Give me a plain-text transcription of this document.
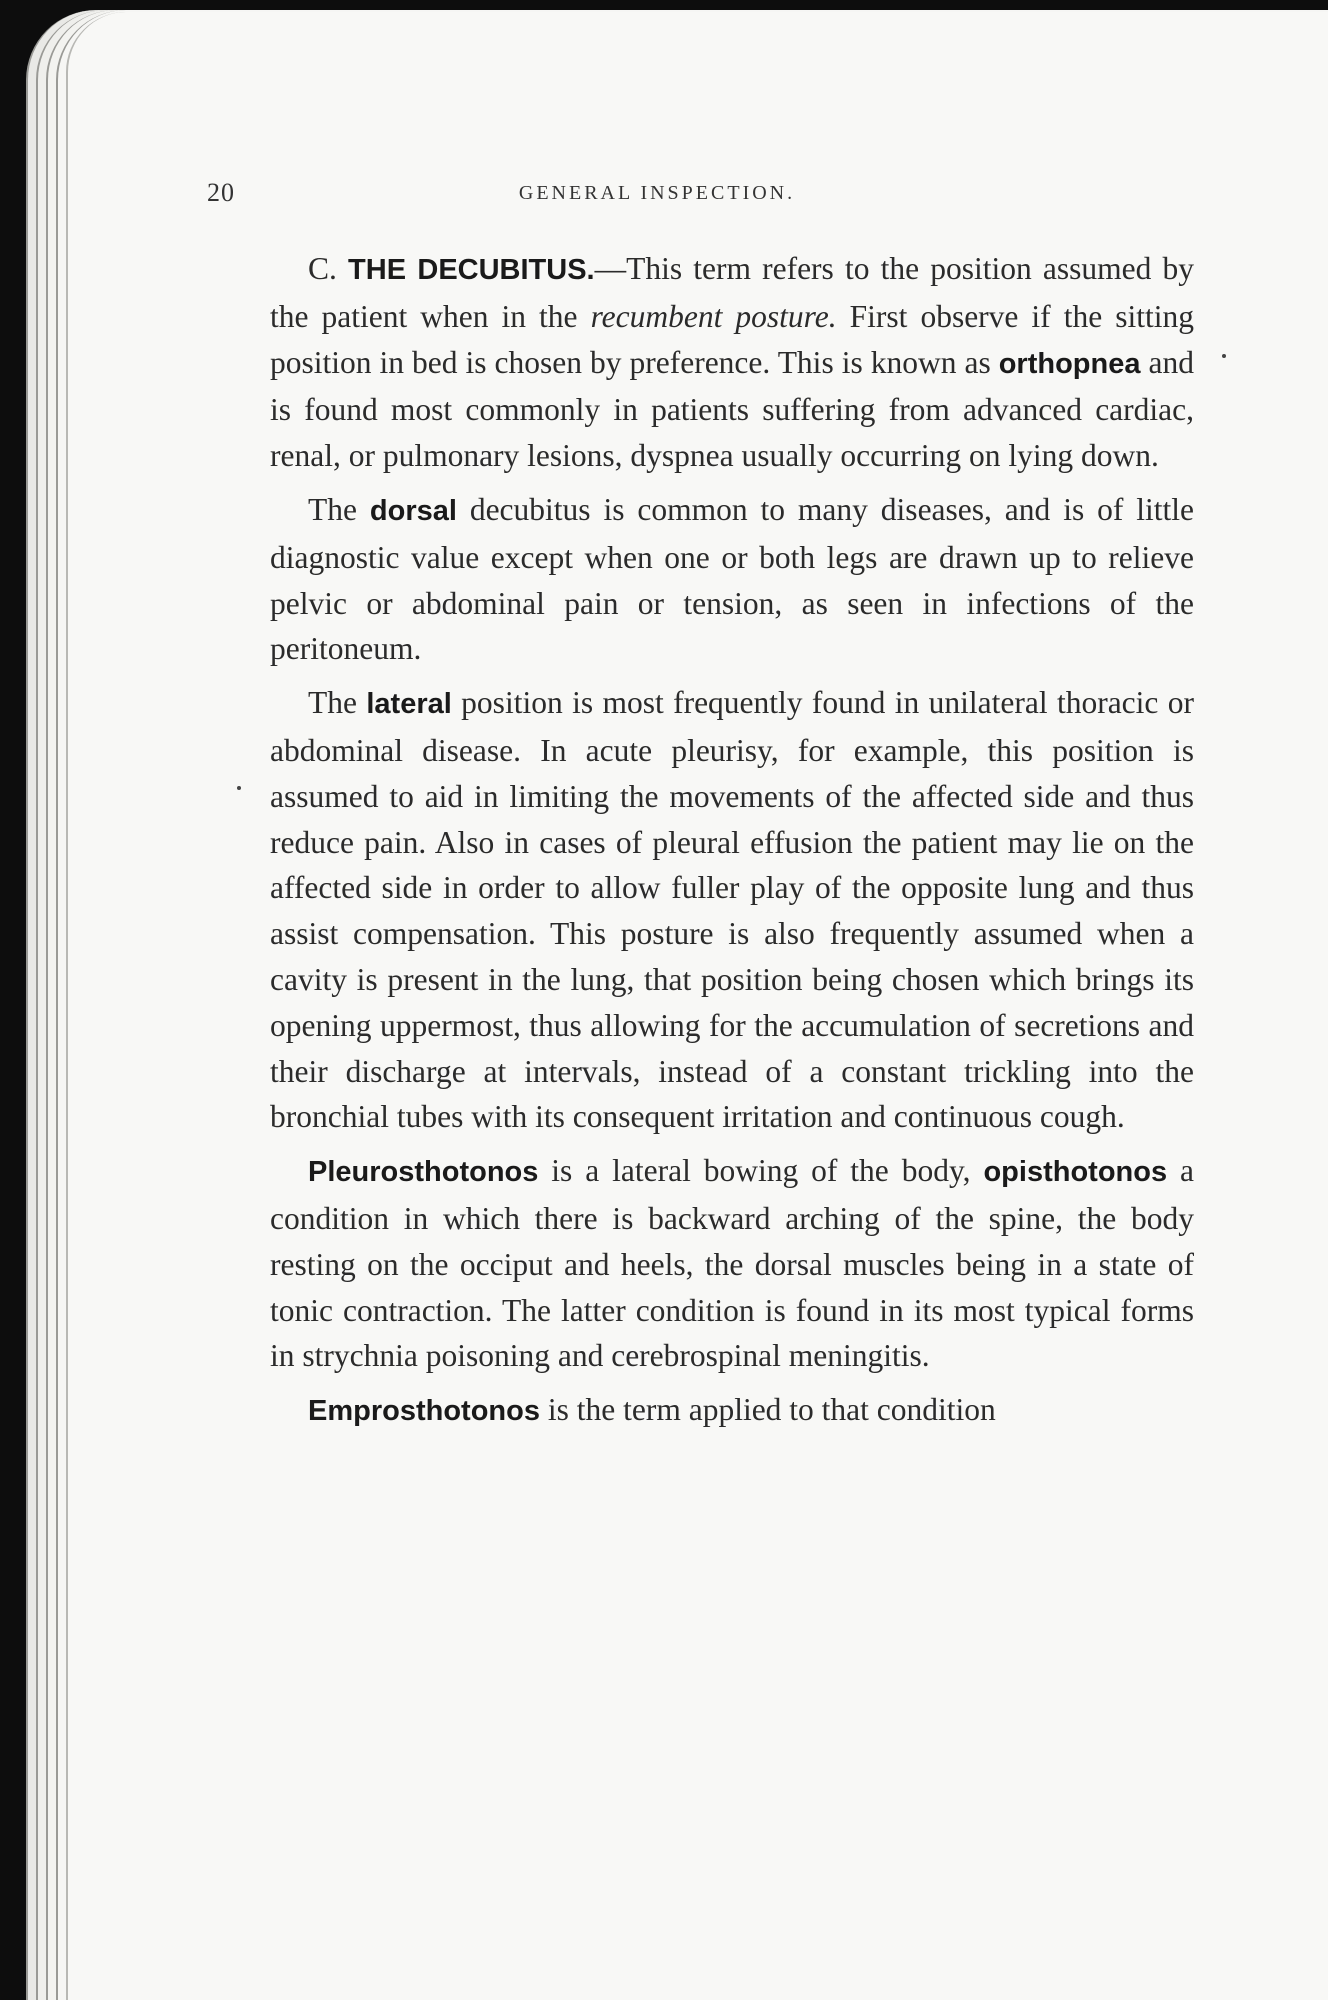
20	GENERAL INSPECTION.

C. THE DECUBITUS.—This term refers to the position assumed by the patient when in the recumbent posture. First observe if the sitting position in bed is chosen by preference. This is known as orthopnea and is found most commonly in patients suffering from advanced cardiac, renal, or pulmonary lesions, dyspnea usually occurring on lying down.

The dorsal decubitus is common to many diseases, and is of little diagnostic value except when one or both legs are drawn up to relieve pelvic or abdominal pain or tension, as seen in infections of the peritoneum.

The lateral position is most frequently found in unilateral thoracic or abdominal disease. In acute pleurisy, for example, this position is assumed to aid in limiting the movements of the affected side and thus reduce pain. Also in cases of pleural effusion the patient may lie on the affected side in order to allow fuller play of the opposite lung and thus assist compensation. This posture is also frequently assumed when a cavity is present in the lung, that position being chosen which brings its opening uppermost, thus allowing for the accumulation of secretions and their discharge at intervals, instead of a constant trickling into the bronchial tubes with its consequent irritation and continuous cough.

Pleurosthotonos is a lateral bowing of the body, opisthotonos a condition in which there is backward arching of the spine, the body resting on the occiput and heels, the dorsal muscles being in a state of tonic contraction. The latter condition is found in its most typical forms in strychnia poisoning and cerebrospinal meningitis.

Emprosthotonos is the term applied to that condition
